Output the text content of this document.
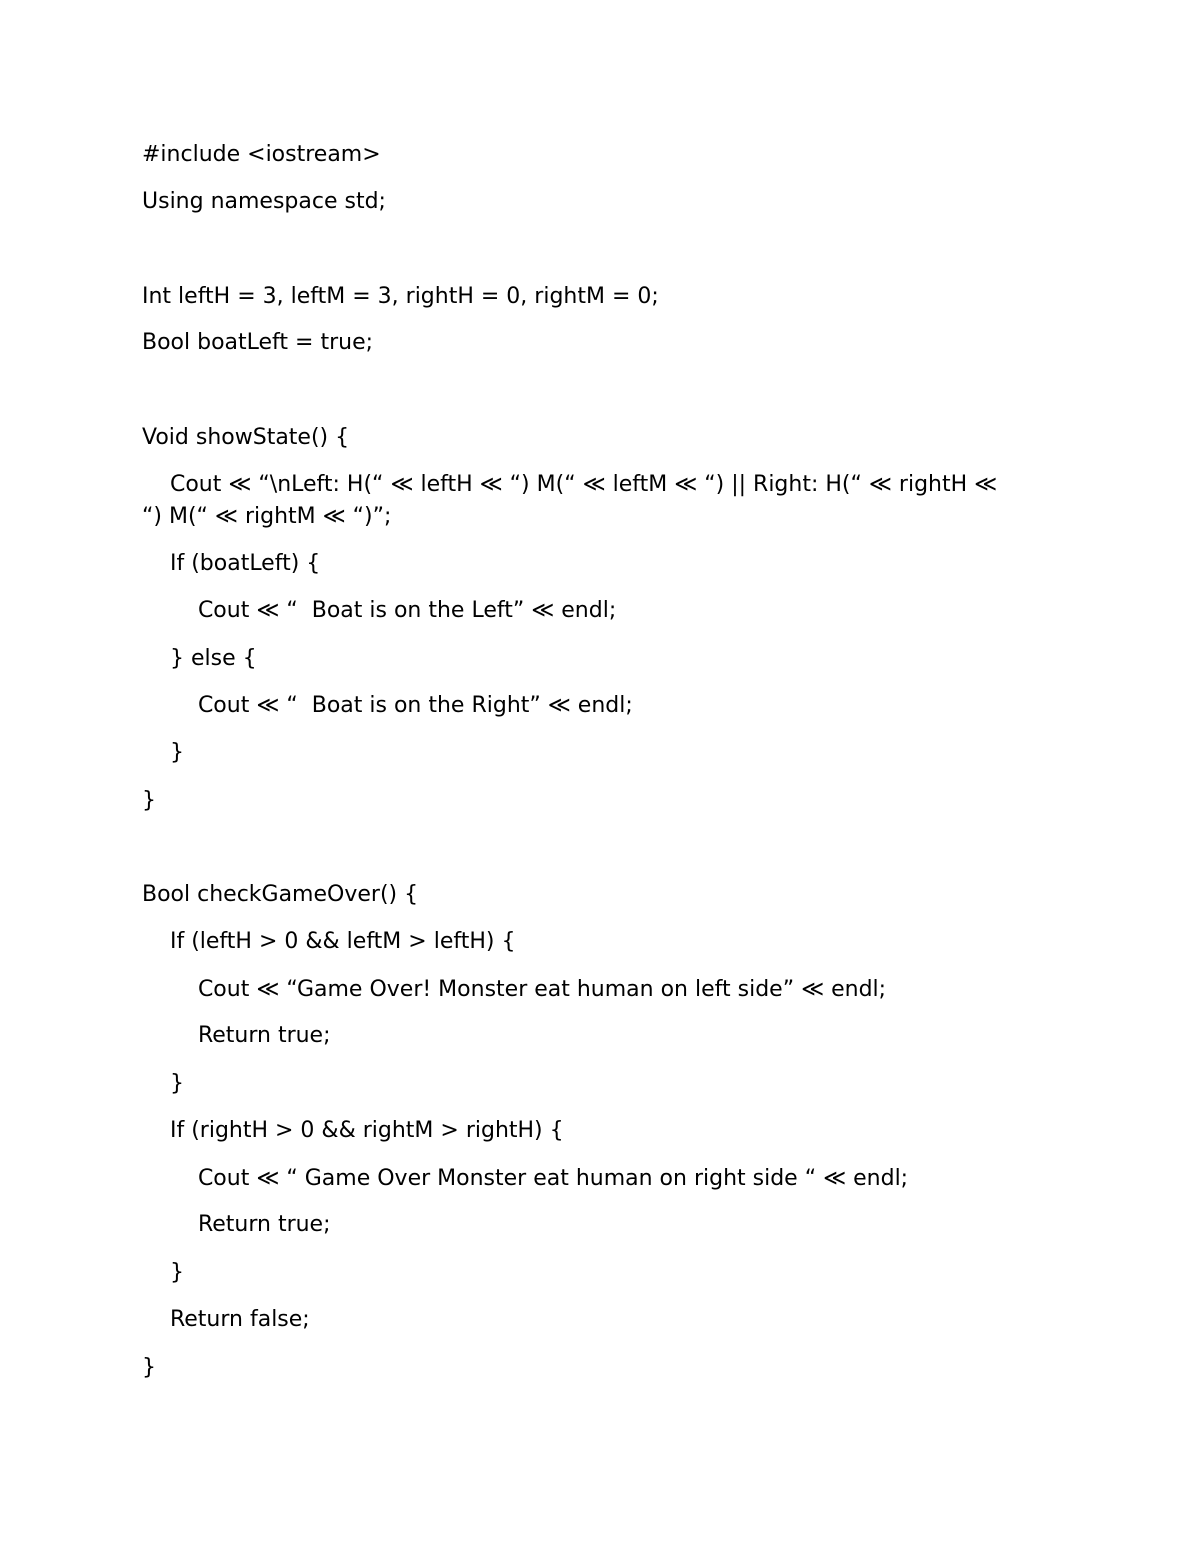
#include <iostream>
Using namespace std;
Int leftH = 3, leftM = 3, rightH = 0, rightM = 0;
Bool boatLeft = true;
Void showState() {
Cout ≪ “\nLeft: H(“ ≪ leftH ≪ “) M(“ ≪ leftM ≪ “) || Right: H(“ ≪ rightH ≪
“) M(“ ≪ rightM ≪ “)”;
If (boatLeft) {
Cout ≪ “  Boat is on the Left” ≪ endl;
} else {
Cout ≪ “  Boat is on the Right” ≪ endl;
}
}
Bool checkGameOver() {
If (leftH > 0 && leftM > leftH) {
Cout ≪ “Game Over! Monster eat human on left side” ≪ endl;
Return true;
}
If (rightH > 0 && rightM > rightH) {
Cout ≪ “ Game Over Monster eat human on right side “ ≪ endl;
Return true;
}
Return false;
}
